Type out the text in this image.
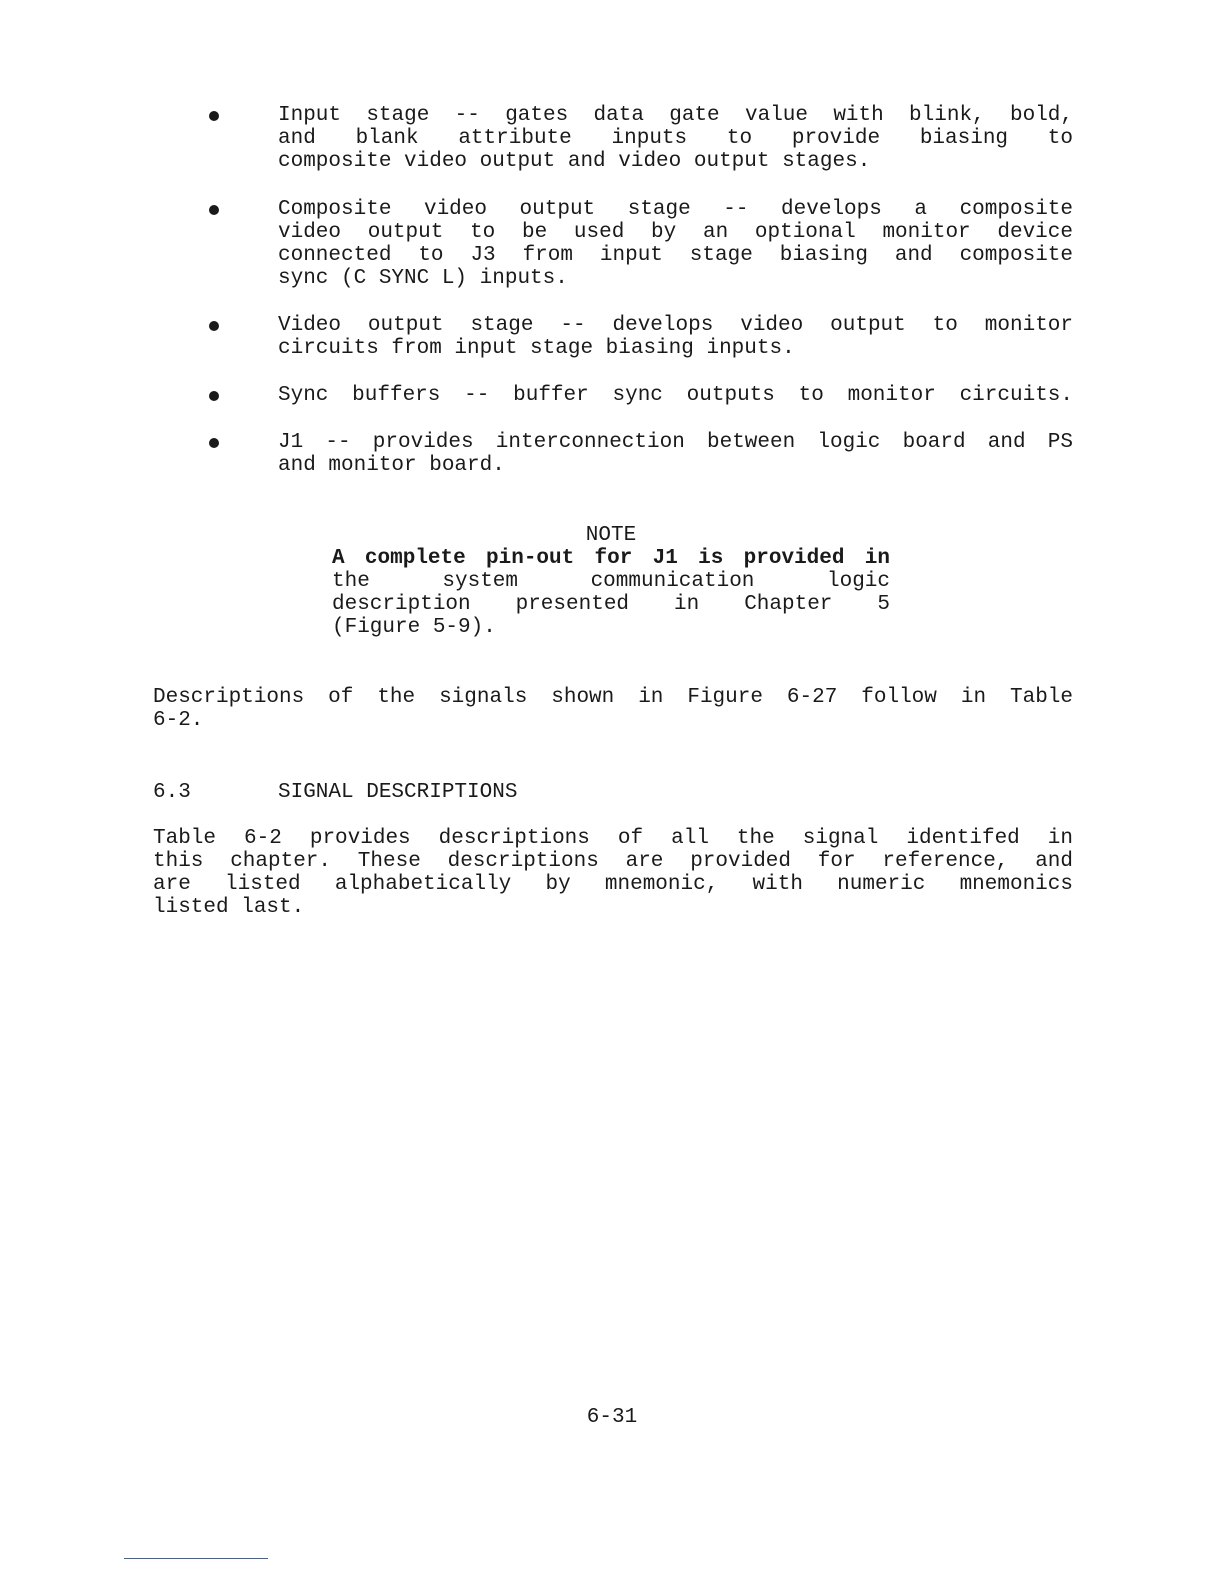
Input stage -- gates data gate value with blink, bold,
and blank attribute inputs to provide biasing to
composite video output and video output stages.
Composite video output stage -- develops a composite
video output to be used by an optional monitor device
connected to J3 from input stage biasing and composite
sync (C SYNC L) inputs.
Video output stage -- develops video output to monitor
circuits from input stage biasing inputs.
Sync buffers -- buffer sync outputs to monitor circuits.
J1 -- provides interconnection between logic board and PS
and monitor board.
NOTE
A complete pin-out for J1 is provided in
the system communication logic
description presented in Chapter 5
(Figure 5-9).
Descriptions of the signals shown in Figure 6-27 follow in Table
6-2.
6.3	SIGNAL DESCRIPTIONS
Table 6-2 provides descriptions of all the signal identifed in
this chapter. These descriptions are provided for reference, and
are listed alphabetically by mnemonic, with numeric mnemonics
listed last.
6-31
